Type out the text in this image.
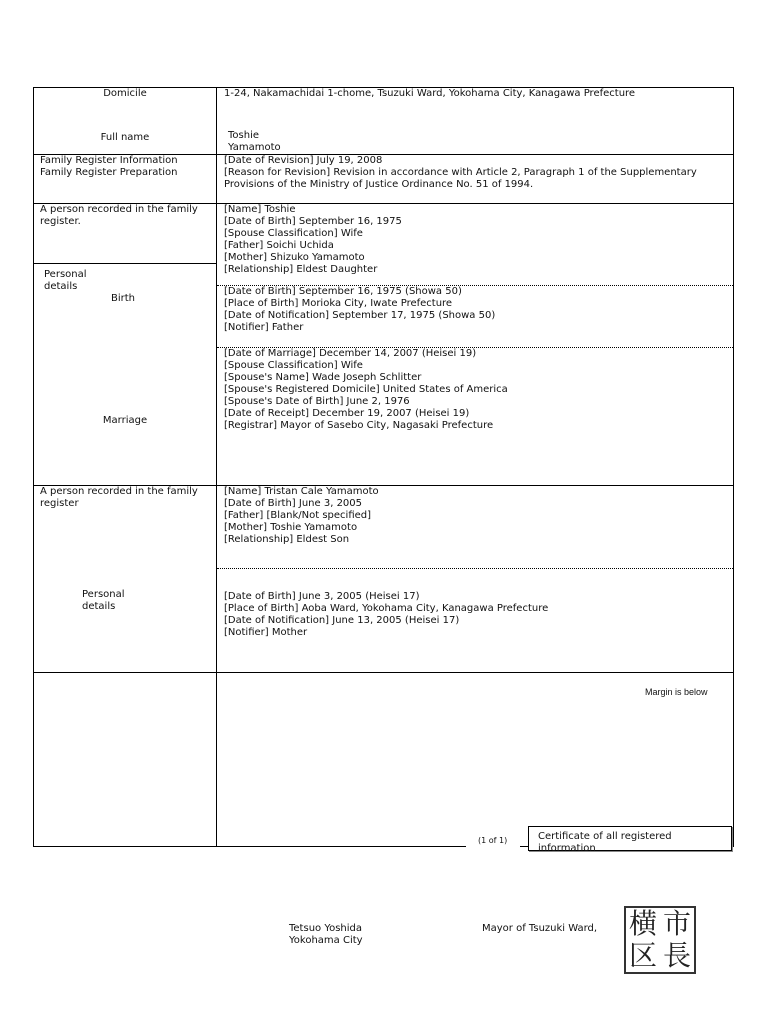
Domicile	1-24, Nakamachidai 1-chome, Tsuzuki Ward, Yokohama City, Kanagawa Prefecture
Full name	Toshie
Yamamoto
Family Register Information
Family Register Preparation
[Date of Revision] July 19, 2008
[Reason for Revision] Revision in accordance with Article 2, Paragraph 1 of the Supplementary
Provisions of the Ministry of Justice Ordinance No. 51 of 1994.
A person recorded in the family
register.
[Name] Toshie
[Date of Birth] September 16, 1975
[Spouse Classification] Wife
[Father] Soichi Uchida
[Mother] Shizuko Yamamoto
[Relationship] Eldest Daughter
Personal
details
Birth
[Date of Birth] September 16, 1975 (Showa 50)
[Place of Birth] Morioka City, Iwate Prefecture
[Date of Notification] September 17, 1975 (Showa 50)
[Notifier] Father
Marriage
[Date of Marriage] December 14, 2007 (Heisei 19)
[Spouse Classification] Wife
[Spouse's Name] Wade Joseph Schlitter
[Spouse's Registered Domicile] United States of America
[Spouse's Date of Birth] June 2, 1976
[Date of Receipt] December 19, 2007 (Heisei 19)
[Registrar] Mayor of Sasebo City, Nagasaki Prefecture
A person recorded in the family
register
[Name] Tristan Cale Yamamoto
[Date of Birth] June 3, 2005
[Father] [Blank/Not specified]
[Mother] Toshie Yamamoto
[Relationship] Eldest Son
Personal
details
[Date of Birth] June 3, 2005 (Heisei 17)
[Place of Birth] Aoba Ward, Yokohama City, Kanagawa Prefecture
[Date of Notification] June 13, 2005 (Heisei 17)
[Notifier] Mother
Margin is below
(1 of 1)	Certificate of all registered
information
Tetsuo Yoshida
Yokohama City
Mayor of Tsuzuki Ward, 横 市
区 長
